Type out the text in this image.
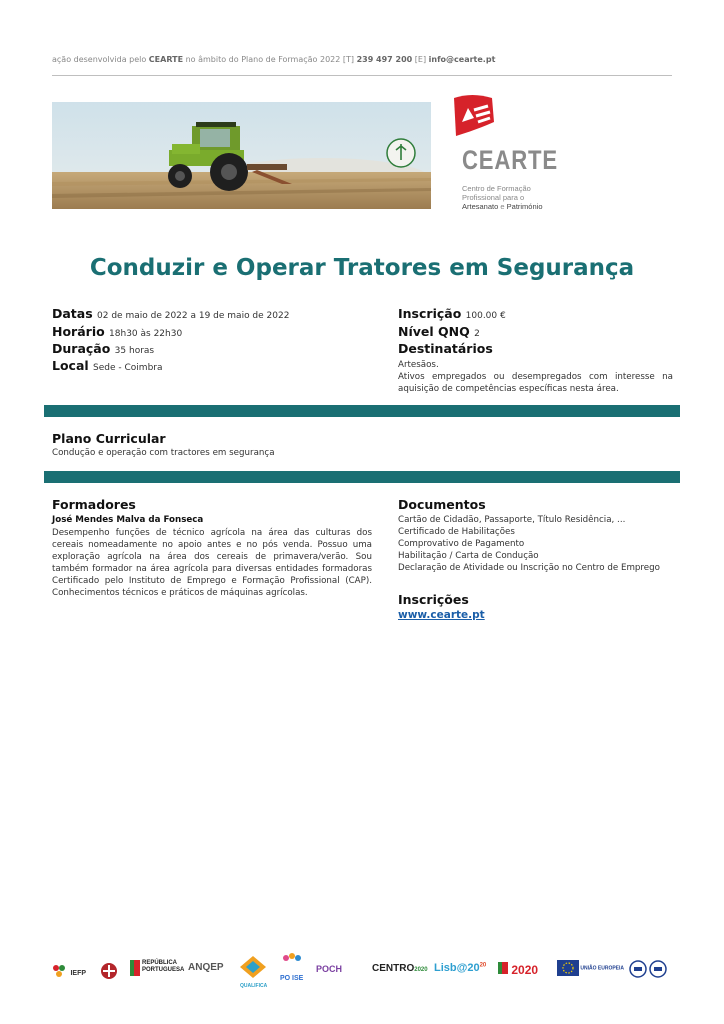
ação desenvolvida pelo CEARTE no âmbito do Plano de Formação 2022 [T] 239 497 200 [E] info@cearte.pt
CEARTE
Centro de Formação
Profissional para o
Artesanato e Património
Conduzir e Operar Tratores em Segurança
Datas 02 de maio de 2022 a 19 de maio de 2022
Horário 18h30 às 22h30
Duração 35 horas
Local Sede - Coimbra
Inscrição 100.00 €
Nível QNQ 2
Destinatários
Artesãos.
Ativos empregados ou desempregados com interesse na aquisição de competências específicas nesta área.
Plano Curricular
Condução e operação com tractores em segurança
Formadores
José Mendes Malva da Fonseca
Desempenho funções de técnico agrícola na área das culturas dos cereais nomeadamente no apoio antes e no pós venda. Possuo uma exploração agrícola na área dos cereais de primavera/verão. Sou também formador na área agrícola para diversas entidades formadoras Certificado pelo Instituto de Emprego e Formação Profissional (CAP). Conhecimentos técnicos e práticos de máquinas agrícolas.
Documentos
Cartão de Cidadão, Passaporte, Título Residência, ...
Certificado de Habilitações
Comprovativo de Pagamento
Habilitação / Carta de Condução
Declaração de Atividade ou Inscrição no Centro de Emprego
Inscrições
www.cearte.pt
IEFP
REPÚBLICA
PORTUGUESA ANQEP
QUALIFICA
PO ISE
POCH	CENTRO2020 $Lisb@20^{20}$	2020	UNIÃO EUROPEIA
